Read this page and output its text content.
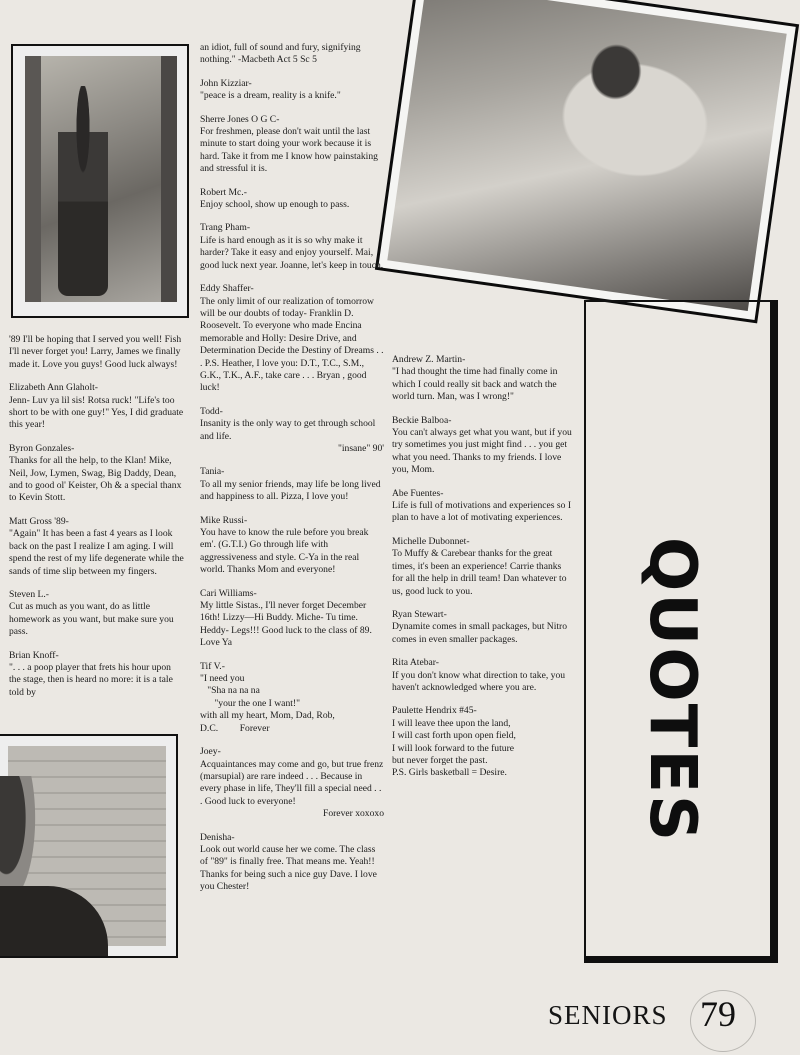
'89 I'll be hoping that I served you well! Fish I'll never forget you! Larry, James we finally made it. Love you guys! Good luck always!

Elizabeth Ann Glaholt-
Jenn- Luv ya lil sis! Rotsa ruck! "Life's too short to be with one guy!" Yes, I did graduate this year!

Byron Gonzales-
Thanks for all the help, to the Klan! Mike, Neil, Jow, Lymen, Swag, Big Daddy, Dean, and to good ol' Keister, Oh & a special thanx to Kevin Stott.

Matt Gross '89-
"Again" It has been a fast 4 years as I look back on the past I realize I am aging. I will spend the rest of my life degenerate while the sands of time slip between my fingers.

Steven L.-
Cut as much as you want, do as little homework as you want, but make sure you pass.

Brian Knoff-
". . . a poop player that frets his hour upon the stage, then is heard no more: it is a tale told by

an idiot, full of sound and fury, signifying nothing." -Macbeth Act 5 Sc 5

John Kizziar-
"peace is a dream, reality is a knife."

Sherre Jones O G C-
For freshmen, please don't wait until the last minute to start doing your work because it is hard. Take it from me I know how painstaking and stressful it is.

Robert Mc.-
Enjoy school, show up enough to pass.

Trang Pham-
Life is hard enough as it is so why make it harder? Take it easy and enjoy yourself. Mai, good luck next year. Joanne, let's keep in touch.

Eddy Shaffer-
The only limit of our realization of tomorrow will be our doubts of today- Franklin D. Roosevelt. To everyone who made Encina memorable and Holly: Desire Drive, and Determination Decide the Destiny of Dreams . . . P.S. Heather, I love you: D.T., T.C., S.M., G.K., T.K., A.F., take care . . . Bryan , good luck!

Todd-
Insanity is the only way to get through school and life.
"insane" 90'

Tania-
To all my senior friends, may life be long lived and happiness to all. Pizza, I love you!

Mike Russi-
You have to know the rule before you break em'. (G.T.I.) Go through life with aggressiveness and style. C-Ya in the real world. Thanks Mom and everyone!

Cari Williams-
My little Sistas., I'll never forget December 16th! Lizzy—Hi Buddy. Miche- Tu time. Heddy- Legs!!! Good luck to the class of 89. Love Ya

Tif V.-
"I need you
"Sha na na na
"your the one I want!"
with all my heart, Mom, Dad, Rob,
D.C.         Forever

Joey-
Acquaintances may come and go, but true frenz (marsupial) are rare indeed . . . Because in every phase in life, They'll fill a special need . . . Good luck to everyone!
Forever xoxoxo

Denisha-
Look out world cause her we come. The class of "89" is finally free. That means me. Yeah!! Thanks for being such a nice guy Dave. I love you Chester!

Andrew Z. Martin-
"I had thought the time had finally come in which I could really sit back and watch the world turn. Man, was I wrong!"

Beckie Balboa-
You can't always get what you want, but if you try sometimes you just might find . . . you get what you need. Thanks to my friends. I love you, Mom.

Abe Fuentes-
Life is full of motivations and experiences so I plan to have a lot of motivating experiences.

Michelle Dubonnet-
To Muffy & Carebear thanks for the great times, it's been an experience! Carrie thanks for all the help in drill team! Dan whatever to us, good luck to you.

Ryan Stewart-
Dynamite comes in small packages, but Nitro comes in even smaller packages.

Rita Atebar-
If you don't know what direction to take, you haven't acknowledged where you are.

Paulette Hendrix #45-
I will leave thee upon the land,
I will cast forth upon open field,
I will look forward to the future
but never forget the past.
P.S. Girls basketball = Desire.	QUOTES
SENIORS 79
